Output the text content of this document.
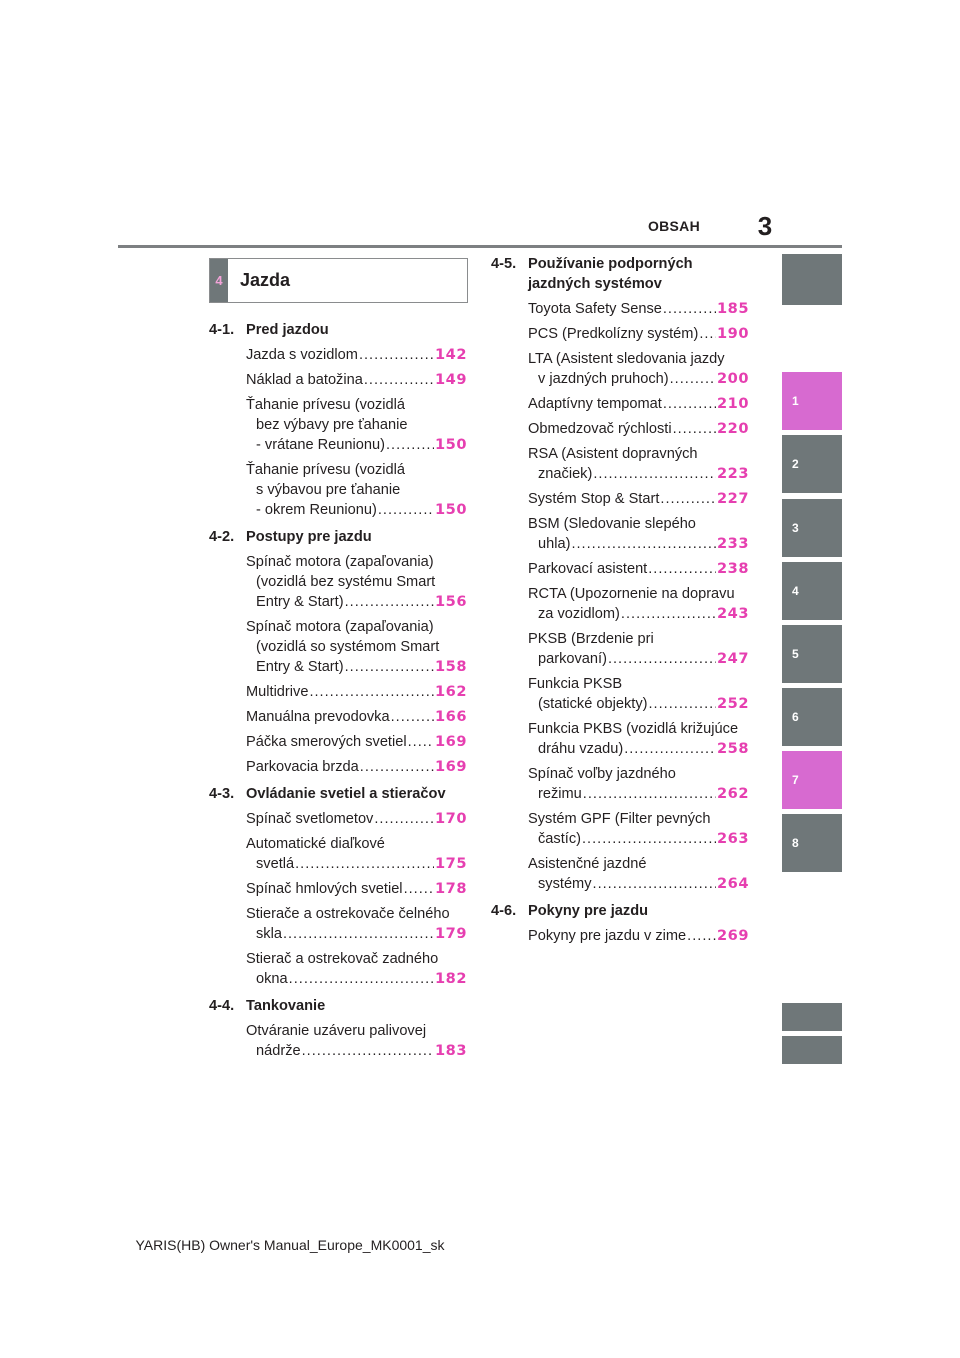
OBSAH 3
4 Jazda
4-1. Pred jazdou
Jazda s vozidlom .....	142
Náklad a batožina .....	149
Ťahanie prívesu (vozidlá
bez výbavy pre ťahanie
- vrátane Reunionu) .....	150
Ťahanie prívesu (vozidlá
s výbavou pre ťahanie
- okrem Reunionu) .....	150
4-2. Postupy pre jazdu
Spínač motora (zapaľovania)
(vozidlá bez systému Smart
Entry & Start) .....	156
Spínač motora (zapaľovania)
(vozidlá so systémom Smart
Entry & Start) .....	158
Multidrive .....	162
Manuálna prevodovka .....	166
Páčka smerových svetiel ..... 169
Parkovacia brzda .....	169
4-3. Ovládanie svetiel a stieračov
Spínač svetlometov .....	170
Automatické diaľkové
svetlá .....	175
Spínač hmlových svetiel ..... 178
Stierače a ostrekovače čelného
skla .....	179
Stierač a ostrekovač zadného
okna .....	182
4-4. Tankovanie
Otváranie uzáveru palivovej
nádrže .....	183
4-5. Používanie podporných jazdných systémov
Toyota Safety Sense .....	185
PCS (Predkolízny systém) ..... 190
LTA (Asistent sledovania jazdy
v jazdných pruhoch) .....	200
Adaptívny tempomat .....	210
Obmedzovač rýchlosti .....	220
RSA (Asistent dopravných
značiek) .....	223
Systém Stop & Start .....	227
BSM (Sledovanie slepého
uhla) .....	233
Parkovací asistent .....	238
RCTA (Upozornenie na dopravu
za vozidlom) .....	243
PKSB (Brzdenie pri
parkovaní) .....	247
Funkcia PKSB
(statické objekty) .....	252
Funkcia PKBS (vozidlá križujúce
dráhu vzadu) .....	258
Spínač voľby jazdného
režimu .....	262
Systém GPF (Filter pevných
častíc) .....	263
Asistenčné jazdné
systémy .....	264
4-6. Pokyny pre jazdu
Pokyny pre jazdu v zime ..... 269
1
2
3
4
5
6
7
8
YARIS(HB) Owner's Manual_Europe_MK0001_sk
